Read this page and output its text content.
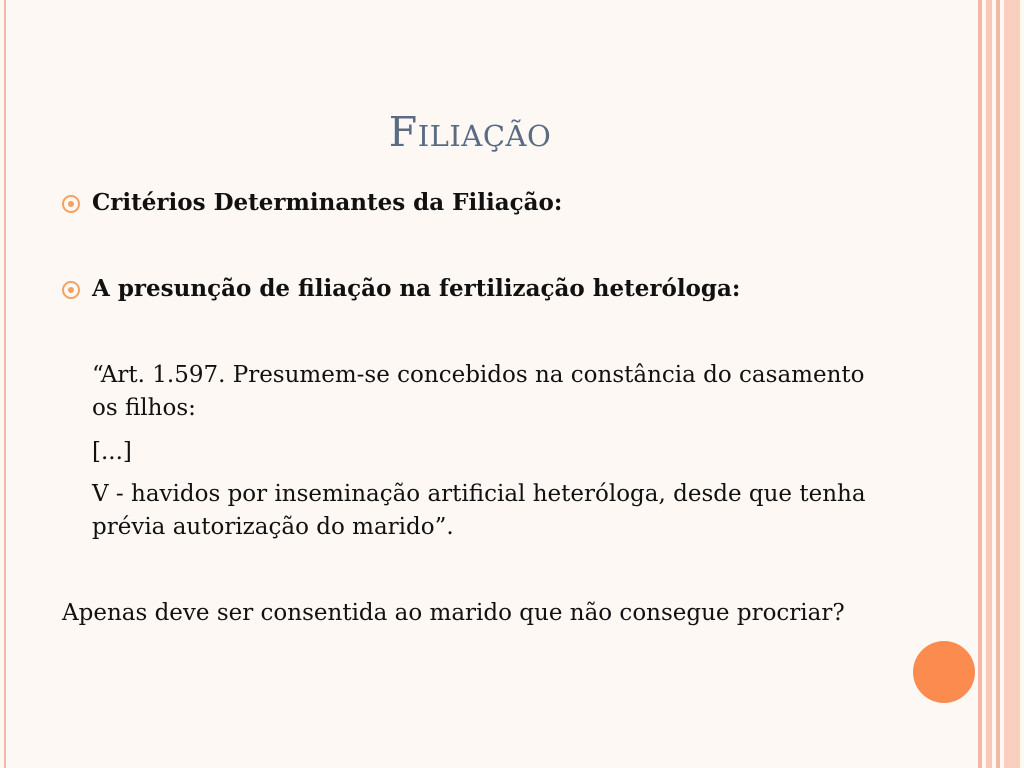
Filiação
Critérios Determinantes da Filiação:
A presunção de filiação na fertilização heteróloga:
“Art. 1.597. Presumem-se concebidos na constância do casamento os filhos:
[...]
V - havidos por inseminação artificial heteróloga, desde que tenha prévia autorização do marido”.
Apenas deve ser consentida ao marido que não consegue procriar?
